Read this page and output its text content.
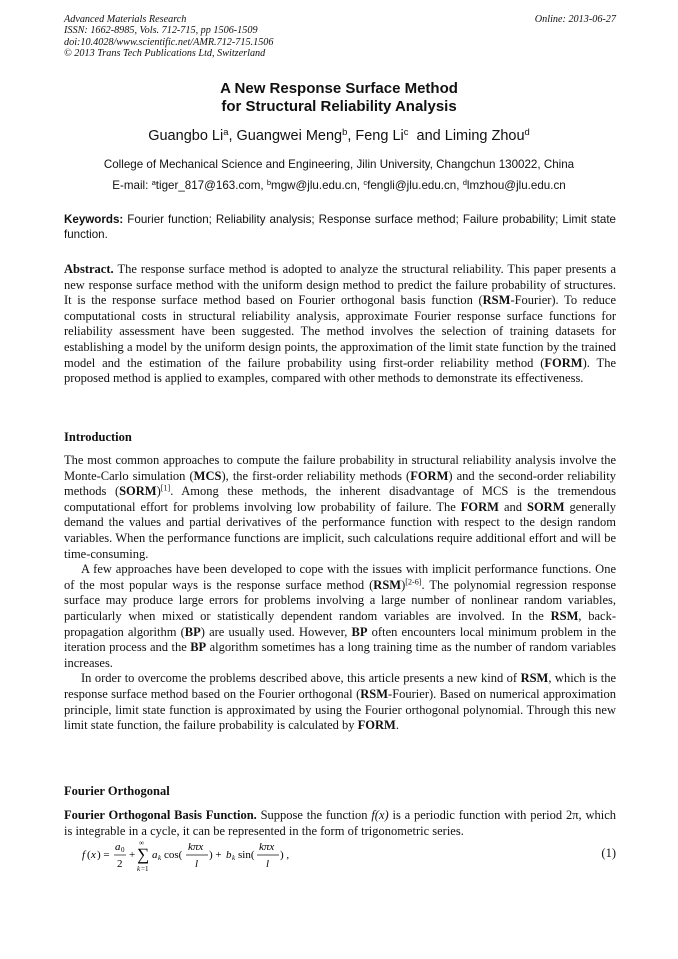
Advanced Materials Research
ISSN: 1662-8985, Vols. 712-715, pp 1506-1509
doi:10.4028/www.scientific.net/AMR.712-715.1506
© 2013 Trans Tech Publications Ltd, Switzerland
Online: 2013-06-27
A New Response Surface Method
for Structural Reliability Analysis
Guangbo Li$^a$, Guangwei Meng$^b$, Feng Li$^c$  and Liming Zhou$^d$
College of Mechanical Science and Engineering, Jilin University, Changchun 130022, China
E-mail: $^a$tiger_817@163.com, $^b$mgw@jlu.edu.cn, $^c$fengli@jlu.edu.cn, $^d$lmzhou@jlu.edu.cn
Keywords: Fourier function; Reliability analysis; Response surface method; Failure probability; Limit state function.

Abstract. The response surface method is adopted to analyze the structural reliability. This paper presents a new response surface method with the uniform design method to predict the failure probability of structures. It is the response surface method based on Fourier orthogonal basis function (RSM-Fourier). To reduce computational costs in structural reliability analysis, approximate Fourier response surface functions for reliability assessment have been suggested. The method involves the selection of training datasets for establishing a model by the uniform design points, the approximation of the limit state function by the trained model and the estimation of the failure probability using first-order reliability method (FORM). The proposed method is applied to examples, compared with other methods to demonstrate its effectiveness.

Introduction

The most common approaches to compute the failure probability in structural reliability analysis involve the Monte-Carlo simulation (MCS), the first-order reliability methods (FORM) and the second-order reliability methods (SORM)[1]. Among these methods, the inherent disadvantage of MCS is the tremendous computational effort for problems involving low probability of failure. The FORM and SORM generally demand the values and partial derivatives of the performance function with respect to the design random variables. When the performance functions are implicit, such calculations require additional effort and will be time-consuming.

A few approaches have been developed to cope with the issues with implicit performance functions. One of the most popular ways is the response surface method (RSM)[2-6]. The polynomial regression response surface may produce large errors for problems involving a large number of nonlinear random variables, particularly when mixed or statistically dependent random variables are involved. In the RSM, back-propagation algorithm (BP) are usually used. However, BP often encounters local minimum problem in the iteration process and the BP algorithm sometimes has a long training time as the number of random variables increases.

In order to overcome the problems described above, this article presents a new kind of RSM, which is the response surface method based on the Fourier orthogonal (RSM-Fourier). Based on numerical approximation principle, limit state function is approximated by using the Fourier orthogonal polynomial. Through this new limit state function, the failure probability is calculated by FORM.

Fourier Orthogonal

Fourier Orthogonal Basis Function. Suppose the function f(x) is a periodic function with period 2π, which is integrable in a cycle, it can be represented in the form of trigonometric series.

f ( x ) =
a 0
2
+
∞
∑
k =1
a k cos(
kπx
l
) + b k sin(
kπx
l
) ,	(1)
